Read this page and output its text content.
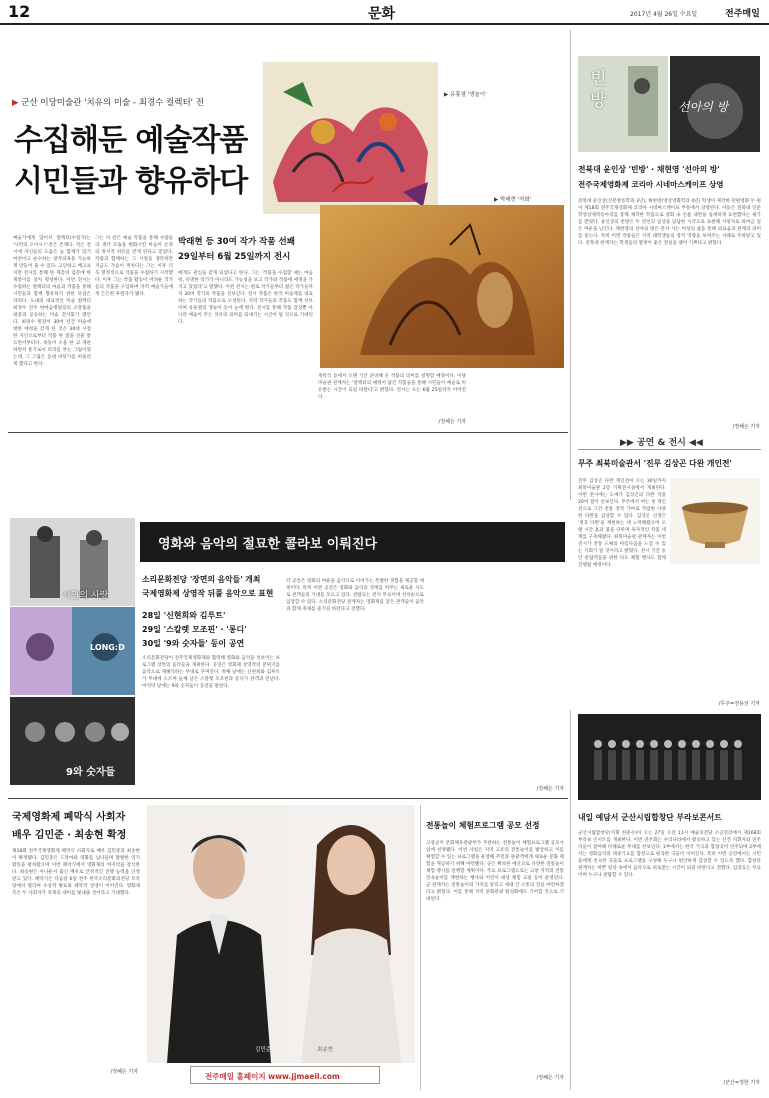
12	문화	2017년 4월 26일 수요일	전주매일
▶ 군산 이당미술관 '치유의 미술 - 최경수 컬렉터' 전
수집해둔 예술작품
시민들과 향유하다
▶ 유휴열 '생놀이'
▶ 박래현 '자화'
박래현 등 30여 작가 작품 선봬
29일부터 6월 25일까지 전시
예술가에게 있어서 컬렉터(수집가)는 '사막의 오아시스'같은 존재다. 작은 전시에 자신들의 도움은 늘 함께가 있기 마련이고 순수하는 창작의욕을 가능하게 만들어 줄 수 있다. 고단하고 배고프지만 전시를 통해 한 계층의 염분에 한 계통이를 상처 형성한다. 이번 전시는 수집하는 컬렉터의 마음과 작품을 통해 시민들과 함께 향유하기 위한 뜻깊은 자리다. 도내의 대표적인 미술 컬렉터 최경수 전주 한마음병원장의 소장품을 대중과 공유하는 미술 전시회가 열린다. 최경수 원장이 30여 년간 미술에 대한 애정을 갖게 된 것은 30대 시절 한 지인으로부터 작품 한 점을 선물 받으면서부터다. 목동이 소울 한 교 개관하면서 통가로이 피리를 부는 그림이었는데, 그 그림은 동네 바닷가를 떠올리게 했다고 한다.
그는 이 같은 예술 작품을 통해 사람들의 생각 모습을 변화시킨 마음이 온정의 정서적 치유를 받게 된다고 믿었다. 작품과 함께하는 그 시절을 생각하면 지금도 가슴이 벅차다는 그는 이후 더욱 열정적으로 작품을 수집하기 시작했다. 이후 그는 작품 활동이 어려운 작가들의 작품을 구입하며 지역 예술가들에게 든든한 후원자가 됐다.
에게도 관심을 갖게 되었다고 한다. 그는 '작품을 수집할 때는 마음 첫, 유명한 작가가 아니라도 가능성을 보고 작가와 작품에 애정을 가지고 있었다'고 말했다. 이번 전시는 원로 작가들부터 젊은 작가들까지 30여 작가의 작품을 선보인다. 전시 작품은 한국 미술계를 대표하는 작가들의 작품으로 구성된다. 지역 작가들의 작품도 함께 선보이며 유휴열의 생놀이 등이 눈에 띈다. 전시를 통해 작품 감상뿐 아니라 예술이 주는 치유의 의미를 되새기는 시간이 될 것으로 기대된다.
개막식 등에서 오랜 기간 준비해 온 작품의 의미를 설명할 예정이다. 이당미술관 관계자는 '컬렉터의 애정이 담긴 작품들을 통해 시민들이 예술로 치유받는 시간이 되길 바란다'고 밝혔다. 전시는 오는 6월 25일까지 이어진다.
/정혜은 기자
빈방	선아의 방
전북대 윤인상 '빈방' · 채현영 '선아의 방'
전주국제영화제 코리아 시네마스케이프 상영
전북대 윤인상(신문방송학과 3년), 채현영(영상영화학과 4년) 학생이 제작한 단편영화 두 편이 제18회 전주국제영화제 코리아 시네마스케이프 부문에서 상영된다. 이들은 전북대 인문학영상제작동아리를 통해 제작한 작품으로 영화 속 인물 내면을 섬세하게 표현했다는 평가를 받았다. 윤인상의 빈방은 두 연인의 일상을 담담한 시각으로 표현해 시청자로 하여금 깊은 여운을 남긴다. 채현영의 선아의 방은 혼자 사는 여성의 삶을 통해 외로움과 관계의 의미를 묻는다. 특히 이번 작품들은 지역 대학생들의 창작 역량을 보여주는 사례로 주목받고 있다. 전북대 관계자는 학생들의 열정이 좋은 결실을 맺어 기쁘다고 밝혔다.
/정혜은 기자
▶▶ 공연 & 전시 ◀◀
무주 최북미술관서 '진무 김상곤 다완 개인전'
진무 김상곤 다완 개인전이 오는 30일까지 최북미술관 2층 기획전시실에서 개최된다. 이번 전시에는 도예가 김상곤의 다완 작품 20여 점이 선보인다. 무주에서 여는 첫 개인전으로 그간 전통 장작 가마로 작업한 다양한 다완을 감상할 수 있다. 김상곤 선생은 '정호 다완'을 재현하는 데 노력해왔으며 오랜 시간 흙과 불을 다루며 독자적인 작품 세계를 구축해왔다. 최북미술관 관계자는 이번 전시가 전통 도예의 아름다움을 느낄 수 있는 기회가 될 것이라고 밝혔다. 전시 기간 동안 관람객들을 위한 다도 체험 행사도 함께 진행될 예정이다.
/무주=전용선 기자
시인의 사랑
LONG:D
9와 숫자들
영화와 음악의 절묘한 콜라보 이뤄진다
소리문화전당 '장면의 음악들' 개최
국제영화제 상영작 뒤풀 음악으로 표현
28일 '신현희와 김루트'
29일 '스칼렛 모조핀' · '롱디'
30일 '9와 숫자들' 등이 공연
소리문화전당이 전주국제영화제와 협력해 영화와 음악을 선보이는 프로그램 장면의 음악들을 개최한다. 공연은 영화제 상영작의 분위기를 음악으로 재해석하는 무대로 꾸며진다. 첫째 날에는 신현희와 김루트가 무대에 오르며 둘째 날은 스칼렛 모조핀과 롱디가 관객과 만난다. 마지막 날에는 9와 숫자들이 공연을 펼친다.
각 공연은 영화의 여운을 음악으로 이어가는 특별한 경험을 제공할 예정이다. 특히 이번 공연은 영화와 음악의 경계를 허무는 새로운 시도로 관객들의 기대를 모으고 있다. 관람료는 전석 무료이며 선착순으로 입장할 수 있다. 소리문화전당 관계자는 영화제를 찾은 관객들이 음악과 함께 축제를 즐기길 바란다고 전했다.
/정혜은 기자
국제영화제 폐막식 사회자
배우 김민준 · 최송현 확정
제18회 전주국제영화제 폐막식 사회자로 배우 김민준과 최송현이 확정됐다. 김민준은 드라마와 영화를 넘나들며 활발한 연기 활동을 펼쳐왔으며 이번 폐막식에서 영화제의 마지막을 장식한다. 최송현은 아나운서 출신 배우로 안정적인 진행 능력을 인정받고 있다. 폐막식은 다음달 6일 전주 한국소리문화의전당 모악당에서 열리며 수상작 발표와 폐막작 상영이 이어진다. 영화제 측은 두 사회자가 축제의 대미를 빛내줄 것이라고 기대했다.
/정혜은 기자
김민준	최송현
전주매일 홈페이지 www.jjmaeil.com
전통놀이 체험프로그램 공모 선정
고창군이 문화체육관광부가 주관하는 전통놀이 체험프로그램 공모사업에 선정됐다. 이번 사업은 지역 고유의 전통놀이를 발굴하고 이를 체험할 수 있는 프로그램을 운영해 주민과 관광객에게 새로운 문화 체험을 제공하기 위해 마련됐다. 군은 확보한 예산으로 다양한 전통놀이 체험 행사를 진행할 계획이다. 주요 프로그램으로는 고창 지역의 전통 민속놀이를 재현하는 행사와 어린이 대상 체험 교실 등이 운영된다. 군 관계자는 전통놀이의 가치를 알리고 세대 간 소통의 장을 마련하겠다고 밝혔다. 이를 통해 지역 문화관광 활성화에도 기여할 것으로 기대된다.
/정혜은 기자
내일 예담서 군산시립합창단 부라보콘서트
군산시립합창단(지휘 한준수)이 오는 27일 오전 11시 예술의전당 소공연장에서 제168회 부라보 콘서트를 개최한다. 이번 연주회는 우리나라에서 활동하고 있는 신진 지휘자와 연주자들이 참여해 다채로운 무대를 선보인다. 1부에서는 한국 가곡과 합창곡이 연주되며 2부에서는 영화음악과 대중가요를 합창으로 편곡한 곡들이 이어진다. 특히 이번 공연에서는 시민들에게 친숙한 곡들로 프로그램을 구성해 누구나 편안하게 감상할 수 있도록 했다. 합창단 관계자는 바쁜 일상 속에서 음악으로 위로받는 시간이 되길 바란다고 전했다. 입장료는 무료이며 누구나 관람할 수 있다.
/군산=정한 기자
